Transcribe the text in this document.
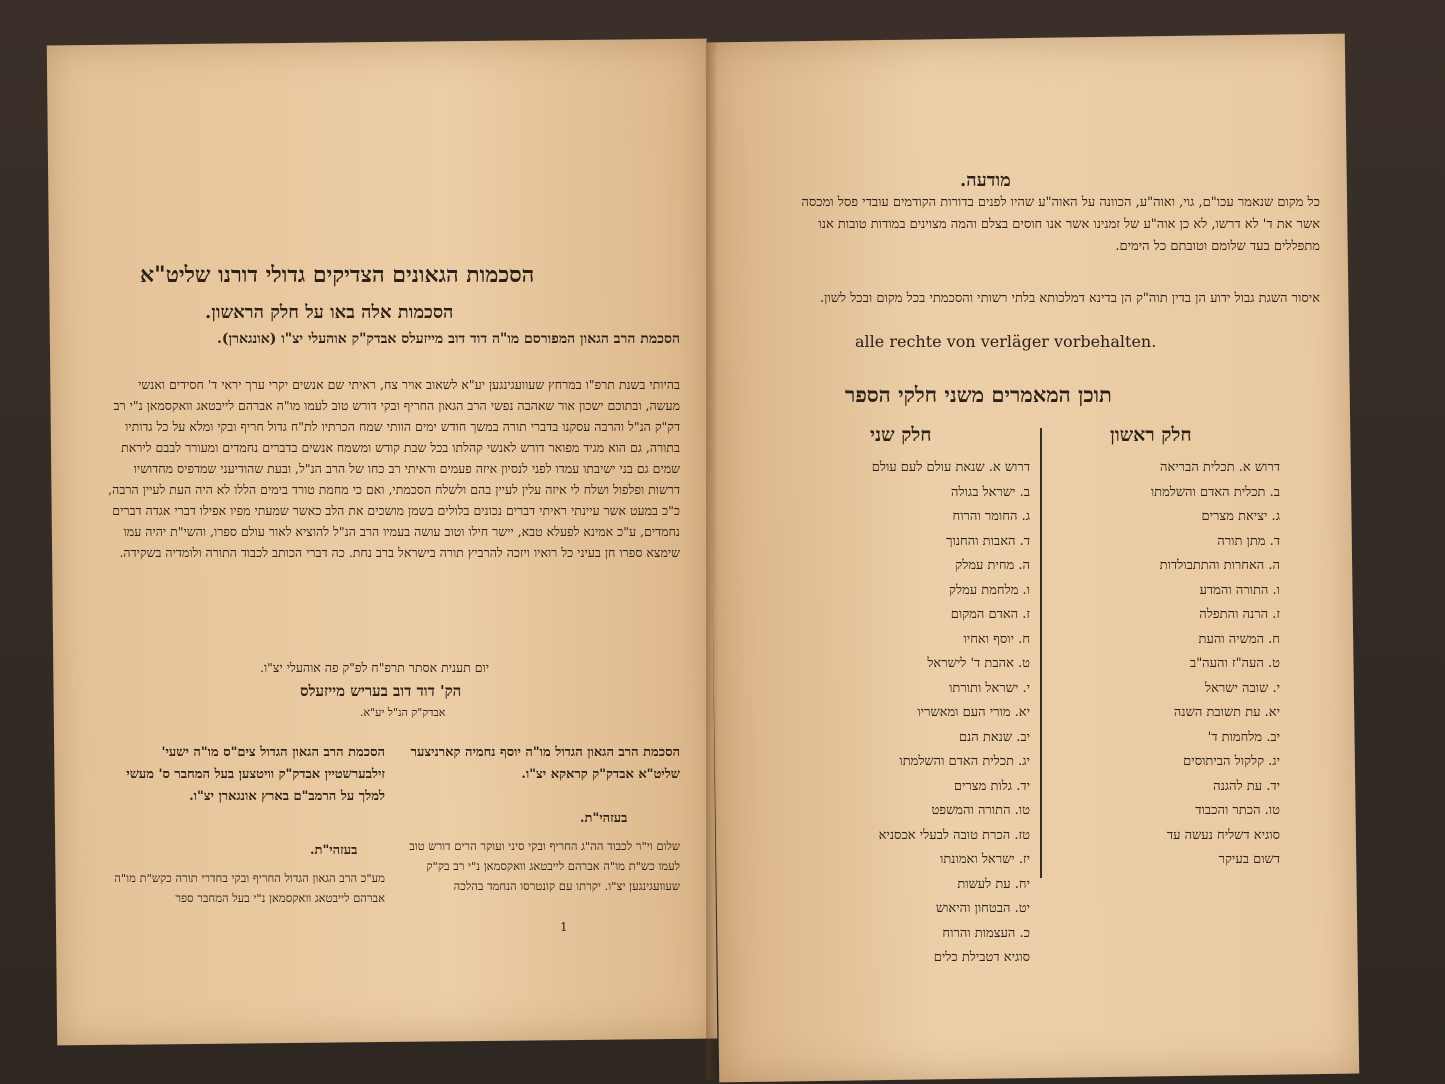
מודעה.
כל מקום שנאמר עכו"ם, גוי, ואוה"ע, הכוונה על האוה"ע שהיו לפנים בדורות הקודמים עובדי פסל ומכסה אשר את ד' לא דרשו, לא כן אוה"ע של זמנינו אשר אנו חוסים בצלם והמה מצוינים במודות טובות אנו מתפללים בעד שלומם וטובתם כל הימים.
איסור השגת גבול ידוע הן בדין תוה"ק הן בדינא דמלכותא בלתי רשותי והסכמתי בכל מקום ובכל לשון.
alle rechte von verläger vorbehalten.
תוכן המאמרים משני חלקי הספר
חלק ראשון
חלק שני
דרוש א. תכלית הבריאה
ב. תכלית האדם והשלמתו
ג. יציאת מצרים
ד. מתן תורה
ה. האחרות והתתבולדות
ו. התורה והמדע
ז. הרנה והתפלה
ח. המשיה והעת
ט. העה"ז והעה"ב
י. שובה ישראל
יא. עת תשובת השנה
יב. מלחמות ד'
יג. קלקול הביתוסים
יד. עת להגנה
טו. הכתר והכבוד
סוגיא דשליח נעשה עד
דשום בעיקר
דרוש א. שנאת עולם לעם עולם
ב. ישראל בגולה
ג. החומר והרוח
ד. האבות והחנוך
ה. מחית עמלק
ו. מלחמת עמלק
ז. האדם המקום
ח. יוסף ואחיו
ט. אהבת ד' לישראל
י. ישראל ותורתו
יא. מורי העם ומאשריו
יב. שנאת הנם
יג. תכלית האדם והשלמתו
יד. גלות מצרים
טו. התורה והמשפט
טז. הכרת טובה לבעלי אכסניא
יז. ישראל ואמונתו
יח. עת לעשות
יט. הבטחון והיאוש
כ. העצמות והרוח
סוגיא דטבילת כלים
הסכמות הגאונים הצדיקים גדולי דורנו שליט"א
הסכמות אלה באו על חלק הראשון.
הסכמת הרב הגאון המפורסם מו"ה דוד דוב מייזעלס אבדק"ק אוהעלי יצ"ו (אונגארן).
בהיותי בשנת תרפ"ו במרחץ שעוועגינגען יע"א לשאוב אויר צח, ראיתי שם אנשים יקרי ערך יראי ד' חסידים ואנשי מעשה, ובתוכם ישכון אור שאהבה נפשי הרב הגאון החריף ובקי דורש טוב לעמו מו"ה אברהם לייבטאג וואקסמאן נ"י רב דק"ק הנ"ל והרבה עסקנו בדברי תורה במשך חודש ימים הוותי שמח הכרתיו לת"ח גדול חריף ובקי ומלא על כל גדותיו בתורה, גם הוא מגיד מפואר דורש לאנשי קהלתו בכל שבת קודש ומשמח אנשים בדברים נחמדים ומעורר לבבם ליראת שמים גם בני ישיבתו עמדו לפני לנסיון איזה פעמים וראיתי רב כחו של הרב הנ"ל, ובעת שהודיעני שמדפיס מחדושיו דרשות ופלפול ושלח לי איזה עלין לעיין בהם ולשלח הסכמתי, ואם כי מחמת טורד בימים הללו לא היה העת לעיין הרבה, כ"כ במעט אשר עיינתי ראיתי דברים נכונים בלולים בשמן מושכים את הלב כאשר שמעתי מפיו אפילו דברי אגדה דברים נחמדים, ע"כ אמינא לפעלא טבא, יישר חילו וטוב עושה בעמיו הרב הנ"ל להוציא לאור עולם ספרו, והשי"ת יהיה עמו שימצא ספרו חן בעיני כל רואיו ויזכה להרביץ תורה בישראל ברב נחת. כה דברי הכותב לכבוד התורה ולומדיה בשקידה.
יום תענית אסתר תרפ"ח לפ"ק פה אוהעלי יצ"ו.
הק' דוד דוב בעריש מייזעלס
אבדק"ק הנ"ל יע"א.
הסכמת הרב הגאון הגדול מו"ה יוסף נחמיה קארניצער שליט"א אבדק"ק קראקא יצ"ו.
בעזהי"ת.
שלום וי"ר לכבוד הה"ג החריף ובקי סיני ועוקר הרים דורש טוב לעמו כש"ת מו"ה אברהם לייבטאג וואקסמאן נ"י רב בק"ק שעוועגינגען יצ"ו. יקרתו עם קונטרסו הנחמד בהלכה
הסכמת הרב הגאון הגדול צים"ס מו"ה ישעי' זילבערשטיין אבדק"ק וויטצען בעל המחבר ס' מעשי למלך על הרמב"ם בארץ אונגארן יצ"ו.
בעזהי"ת.
מע"כ הרב הגאון הגדול החריף ובקי בחדרי תורה כקש"ת מו"ה אברהם לייבטאג וואקסמאן נ"י בעל המחבר ספר
1
